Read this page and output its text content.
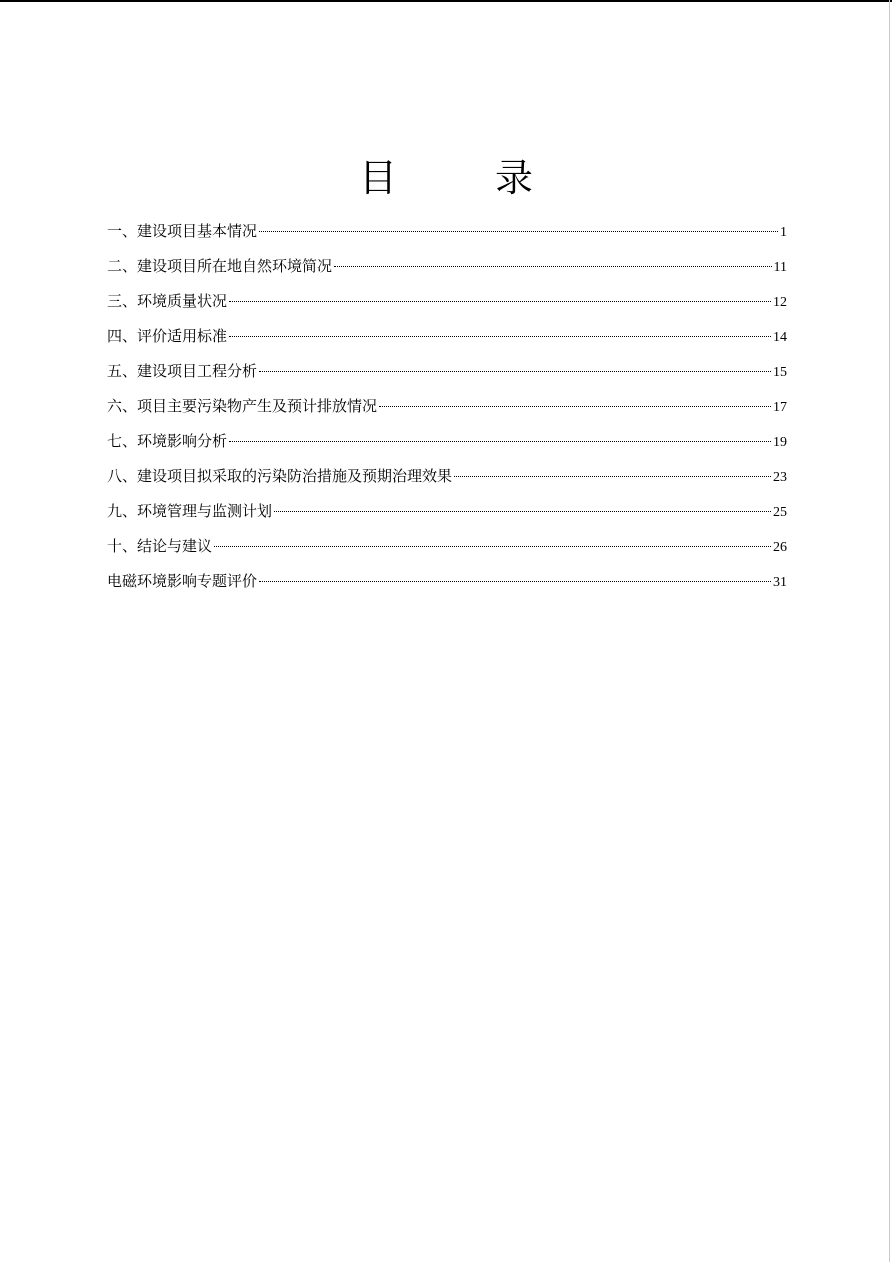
目　录
一、建设项目基本情况	1
二、建设项目所在地自然环境简况	11
三、环境质量状况	12
四、评价适用标准	14
五、建设项目工程分析	15
六、项目主要污染物产生及预计排放情况	17
七、环境影响分析	19
八、建设项目拟采取的污染防治措施及预期治理效果	23
九、环境管理与监测计划	25
十、结论与建议	26
电磁环境影响专题评价	31
